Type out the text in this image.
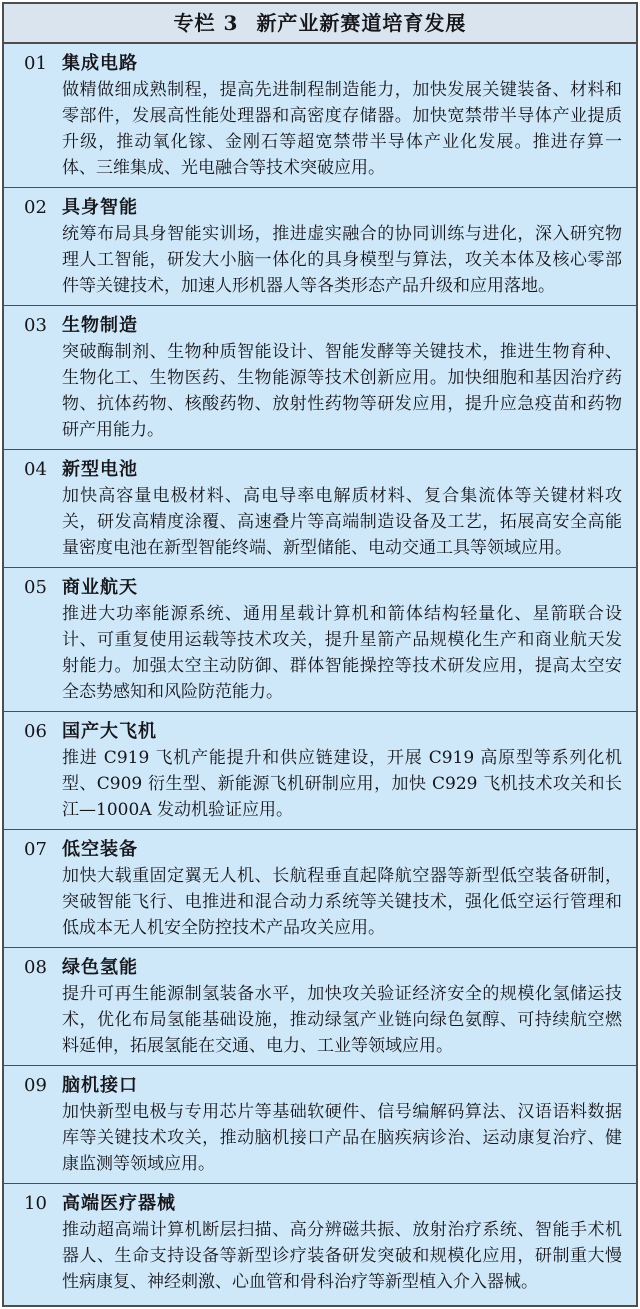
专栏 3 新产业新赛道培育发展
01 集成电路

做精做细成熟制程，提高先进制程制造能力，加快发展关键装备、材料和零部件，发展高性能处理器和高密度存储器。加快宽禁带半导体产业提质升级，推动氧化镓、金刚石等超宽禁带半导体产业化发展。推进存算一体、三维集成、光电融合等技术突破应用。

02 具身智能

统筹布局具身智能实训场，推进虚实融合的协同训练与进化，深入研究物理人工智能，研发大小脑一体化的具身模型与算法，攻关本体及核心零部件等关键技术，加速人形机器人等各类形态产品升级和应用落地。

03 生物制造

突破酶制剂、生物种质智能设计、智能发酵等关键技术，推进生物育种、生物化工、生物医药、生物能源等技术创新应用。加快细胞和基因治疗药物、抗体药物、核酸药物、放射性药物等研发应用，提升应急疫苗和药物研产用能力。

04 新型电池

加快高容量电极材料、高电导率电解质材料、复合集流体等关键材料攻关，研发高精度涂覆、高速叠片等高端制造设备及工艺，拓展高安全高能量密度电池在新型智能终端、新型储能、电动交通工具等领域应用。

05 商业航天

推进大功率能源系统、通用星载计算机和箭体结构轻量化、星箭联合设计、可重复使用运载等技术攻关，提升星箭产品规模化生产和商业航天发射能力。加强太空主动防御、群体智能操控等技术研发应用，提高太空安全态势感知和风险防范能力。

06 国产大飞机

推进 C919 飞机产能提升和供应链建设，开展 C919 高原型等系列化机型、C909 衍生型、新能源飞机研制应用，加快 C929 飞机技术攻关和长江—1000A 发动机验证应用。

07 低空装备

加快大载重固定翼无人机、长航程垂直起降航空器等新型低空装备研制，突破智能飞行、电推进和混合动力系统等关键技术，强化低空运行管理和低成本无人机安全防控技术产品攻关应用。

08 绿色氢能

提升可再生能源制氢装备水平，加快攻关验证经济安全的规模化氢储运技术，优化布局氢能基础设施，推动绿氢产业链向绿色氨醇、可持续航空燃料延伸，拓展氢能在交通、电力、工业等领域应用。

09 脑机接口

加快新型电极与专用芯片等基础软硬件、信号编解码算法、汉语语料数据库等关键技术攻关，推动脑机接口产品在脑疾病诊治、运动康复治疗、健康监测等领域应用。

10 高端医疗器械

推动超高端计算机断层扫描、高分辨磁共振、放射治疗系统、智能手术机器人、生命支持设备等新型诊疗装备研发突破和规模化应用，研制重大慢性病康复、神经刺激、心血管和骨科治疗等新型植入介入器械。
